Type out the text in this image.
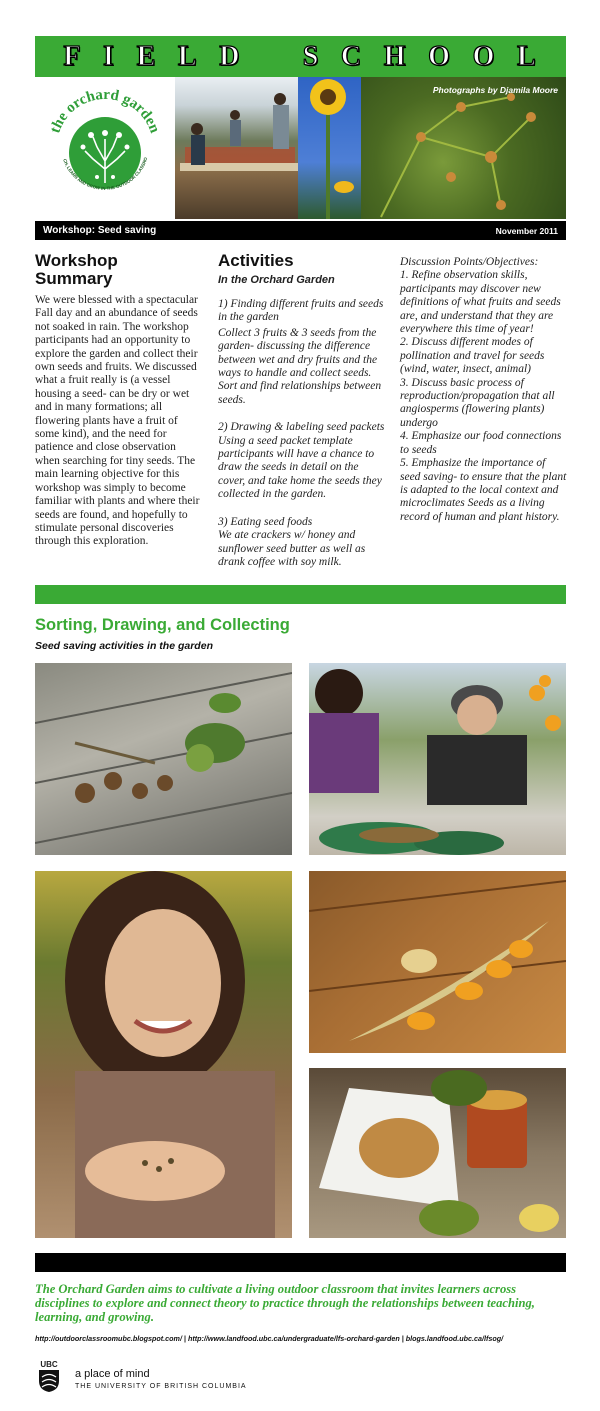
F I E L D S C H O O L
the orchard garden
CH, LEARN AND GROW IN THE OUTDOOR CLASSRO
Photographs by Djamila Moore
Workshop: Seed saving	November 2011
Workshop
Summary
We were blessed with a spectacular Fall day and an abundance of seeds not soaked in rain. The workshop participants had an opportunity to explore the garden and collect their own seeds and fruits. We discussed what a fruit really is (a vessel housing a seed- can be dry or wet and in many formations; all flowering plants have a fruit of some kind), and the need for patience and close observation when searching for tiny seeds. The main learning objective for this workshop was simply to become familiar with plants and where their seeds are found, and hopefully to stimulate personal discoveries through this exploration.
Activities
In the Orchard Garden
1) Finding different fruits and seeds in the garden
Collect 3 fruits & 3 seeds from the garden- discussing the difference between wet and dry fruits and the ways to handle and collect seeds. Sort and find relationships between seeds.
2) Drawing & labeling seed packets
Using a seed packet template participants will have a chance to draw the seeds in detail on the cover, and take home the seeds they collected in the garden.
3) Eating seed foods
We ate crackers w/ honey and sunflower seed butter as well as drank coffee with soy milk.
Discussion Points/Objectives:
1. Refine observation skills, participants may discover new definitions of what fruits and seeds are, and understand that they are everywhere this time of year!
2. Discuss different modes of pollination and travel for seeds (wind, water, insect, animal)
3. Discuss basic process of reproduction/propagation that all angiosperms (flowering plants) undergo
4. Emphasize our food connections to seeds
5. Emphasize the importance of seed saving- to ensure that the plant is adapted to the local context and microclimates Seeds as a living record of human and plant history.
Sorting, Drawing, and Collecting
Seed saving activities in the garden
The Orchard Garden aims to cultivate a living outdoor classroom that invites learners across disciplines to explore and connect theory to practice through the relationships between teaching, learning, and growing.
http://outdoorclassroomubc.blogspot.com/ | http://www.landfood.ubc.ca/undergraduate/lfs-orchard-garden | blogs.landfood.ubc.ca/lfsog/
UBC
a place of mind
THE UNIVERSITY OF BRITISH COLUMBIA
